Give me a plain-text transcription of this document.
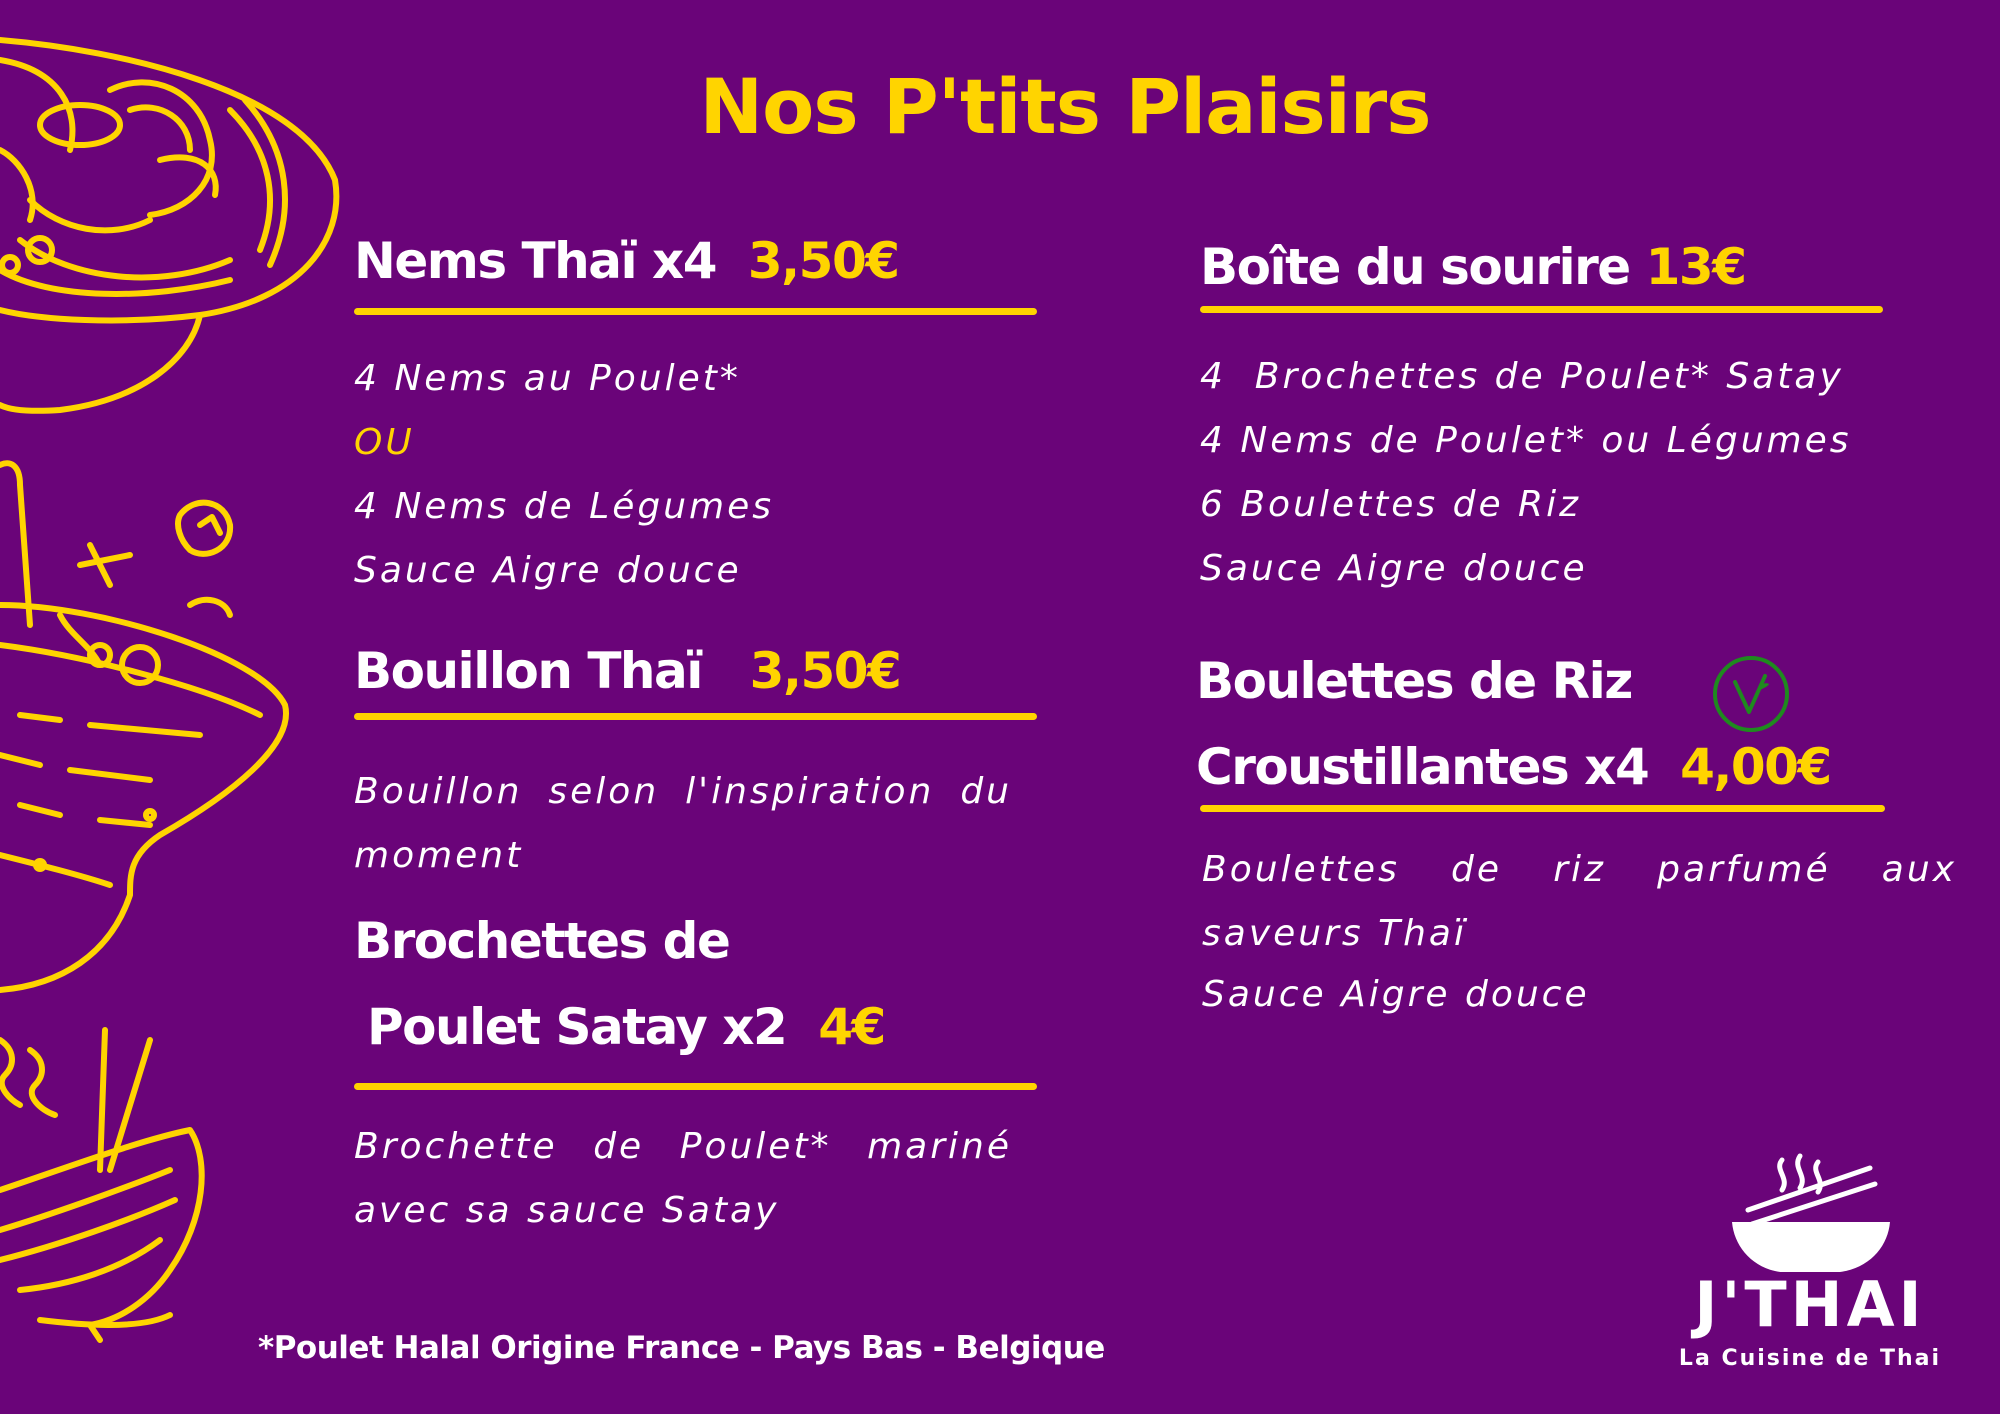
Nos P'tits Plaisirs
Nems Thaï x4 3,50€
4 Nems au Poulet*
OU
4 Nems de Légumes
Sauce Aigre douce
Bouillon Thaï 3,50€
Bouillon selon l'inspiration du moment
Brochettes de
Poulet Satay x2 4€
Brochette de Poulet* mariné avec sa sauce Satay
Boîte du sourire 13€
4  Brochettes de Poulet* Satay
4 Nems de Poulet* ou Légumes
6 Boulettes de Riz
Sauce Aigre douce
Boulettes de Riz
Croustillantes x4 4,00€
Boulettes de riz parfumé aux saveurs Thaï
Sauce Aigre douce
*Poulet Halal Origine France - Pays Bas - Belgique
J'THAI
La Cuisine de Thai
